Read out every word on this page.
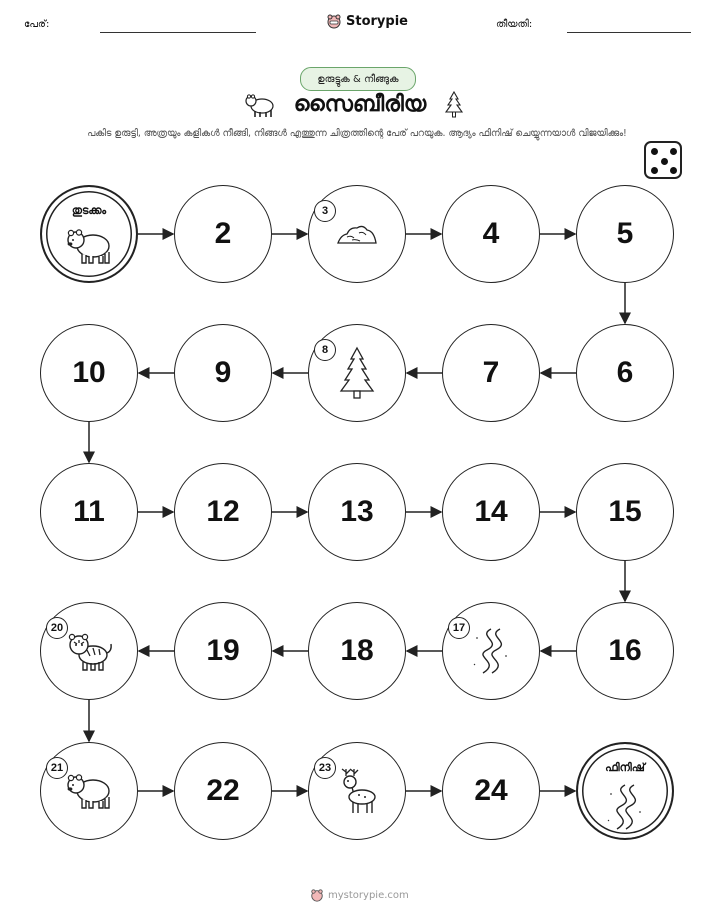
പേര്:	Storypie	തീയതി:
ഉരുട്ടുക & നീങ്ങുക
സൈബീരിയ
പകിട ഉരുട്ടി, അത്രയും കളികൾ നീങ്ങി, നിങ്ങൾ എത്തുന്ന ചിത്രത്തിന്റെ പേര് പറയുക. ആദ്യം ഫിനിഷ് ചെയ്യുന്നയാൾ വിജയിക്കും!
തുടക്കം
2
3
4	5
6
7
8
9
10
11	12	13	14	15
16
17
18
19
20
21
22
23
24
ഫിനിഷ്
mystorypie.com
